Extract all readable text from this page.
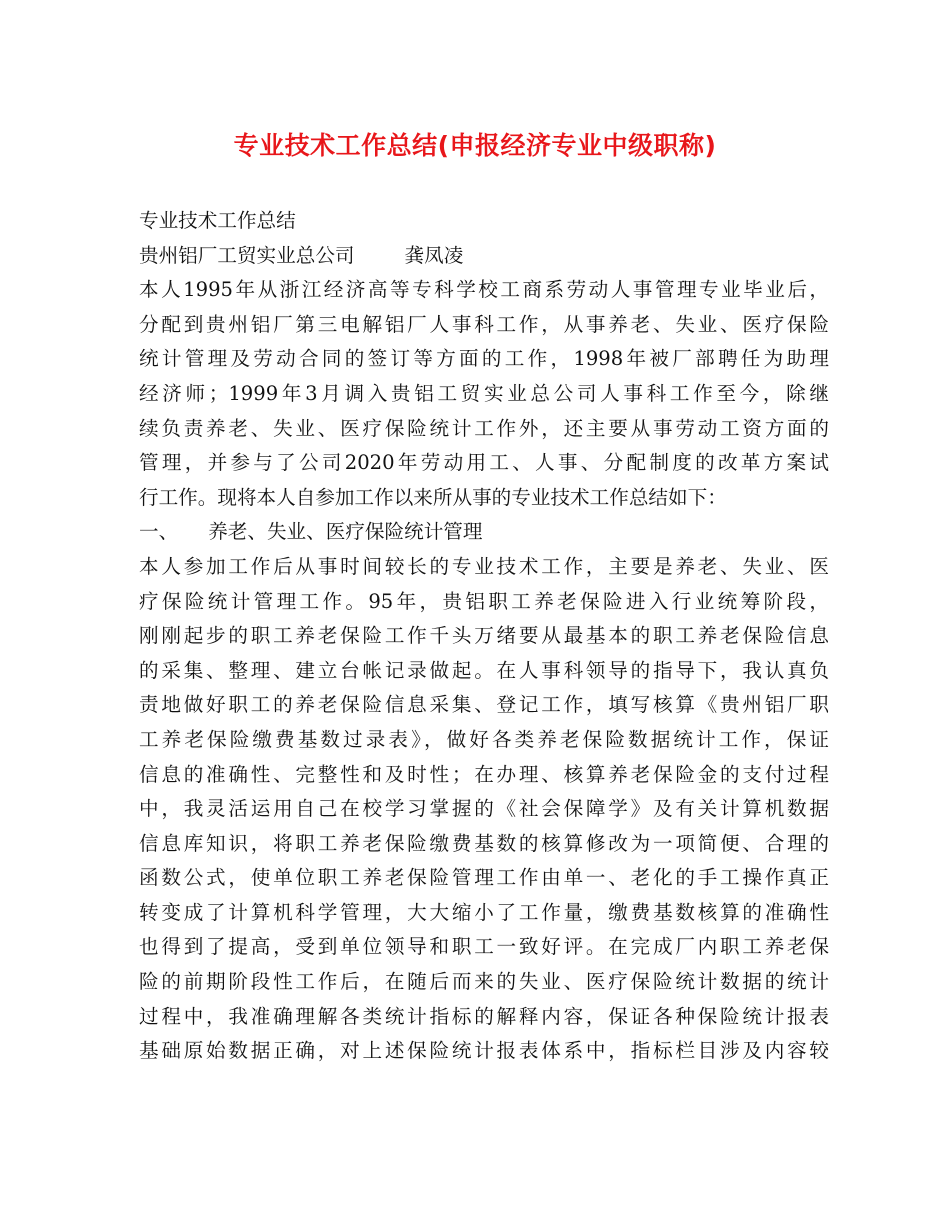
专业技术工作总结(申报经济专业中级职称)
专业技术工作总结
贵州铝厂工贸实业总公司	龚凤凌
本人1995年从浙江经济高等专科学校工商系劳动人事管理专业毕业后，
分配到贵州铝厂第三电解铝厂人事科工作，从事养老、失业、医疗保险
统计管理及劳动合同的签订等方面的工作，1998年被厂部聘任为助理
经济师；1999年3月调入贵铝工贸实业总公司人事科工作至今，除继
续负责养老、失业、医疗保险统计工作外，还主要从事劳动工资方面的
管理，并参与了公司2020年劳动用工、人事、分配制度的改革方案试
行工作。现将本人自参加工作以来所从事的专业技术工作总结如下：
一、 养老、失业、医疗保险统计管理
本人参加工作后从事时间较长的专业技术工作，主要是养老、失业、医
疗保险统计管理工作。95年，贵铝职工养老保险进入行业统筹阶段，
刚刚起步的职工养老保险工作千头万绪要从最基本的职工养老保险信息
的采集、整理、建立台帐记录做起。在人事科领导的指导下，我认真负
责地做好职工的养老保险信息采集、登记工作，填写核算《贵州铝厂职
工养老保险缴费基数过录表》，做好各类养老保险数据统计工作，保证
信息的准确性、完整性和及时性；在办理、核算养老保险金的支付过程
中，我灵活运用自己在校学习掌握的《社会保障学》及有关计算机数据
信息库知识，将职工养老保险缴费基数的核算修改为一项简便、合理的
函数公式，使单位职工养老保险管理工作由单一、老化的手工操作真正
转变成了计算机科学管理，大大缩小了工作量，缴费基数核算的准确性
也得到了提高，受到单位领导和职工一致好评。在完成厂内职工养老保
险的前期阶段性工作后，在随后而来的失业、医疗保险统计数据的统计
过程中，我准确理解各类统计指标的解释内容，保证各种保险统计报表
基础原始数据正确，对上述保险统计报表体系中，指标栏目涉及内容较
